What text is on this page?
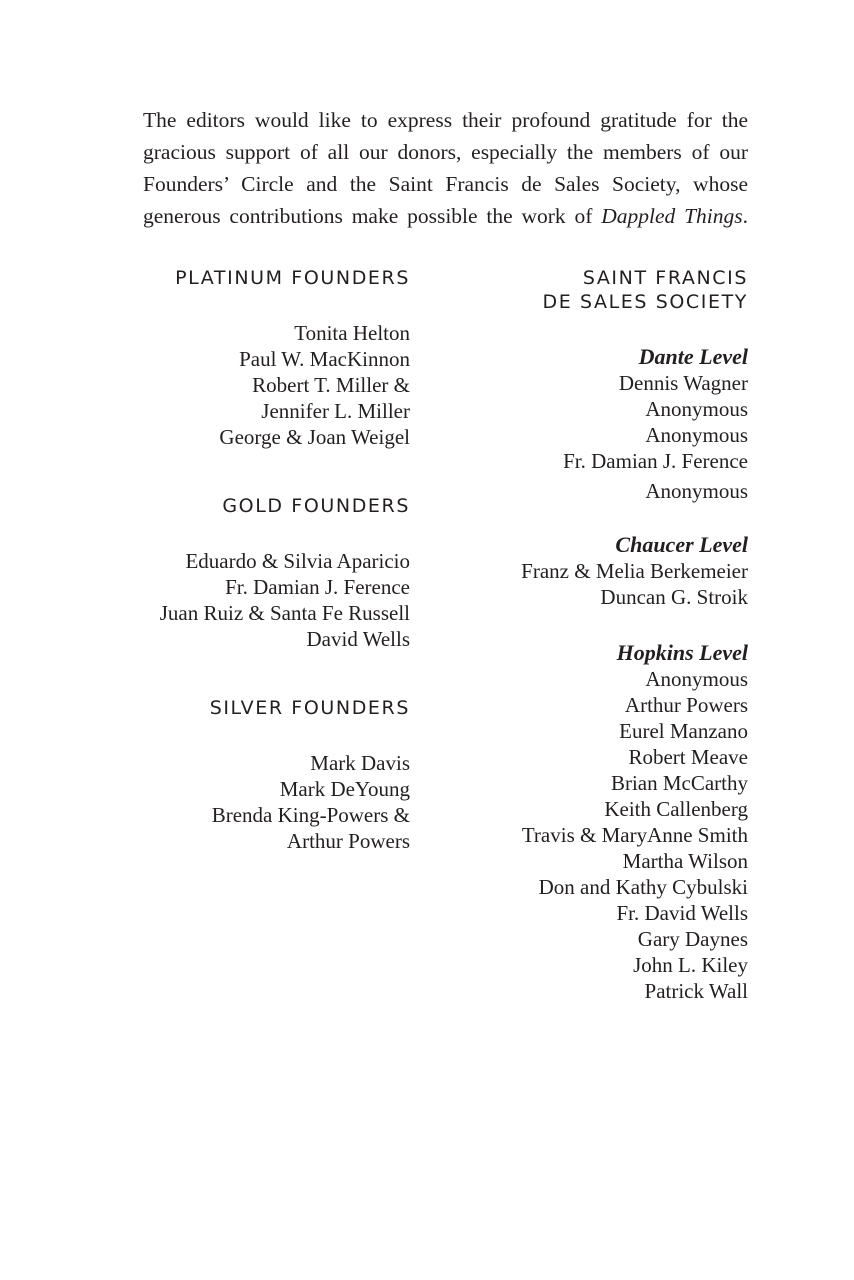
The editors would like to express their profound gratitude for the gracious support of all our donors, especially the members of our Founders’ Circle and the Saint Francis de Sales Society, whose generous contributions make possible the work of Dappled Things.

PLATINUM FOUNDERS
Tonita Helton
Paul W. MacKinnon
Robert T. Miller &
Jennifer L. Miller
George & Joan Weigel
GOLD FOUNDERS
Eduardo & Silvia Aparicio
Fr. Damian J. Ference
Juan Ruiz & Santa Fe Russell
David Wells
SILVER FOUNDERS
Mark Davis
Mark DeYoung
Brenda King-Powers &
Arthur Powers
SAINT FRANCIS
DE SALES SOCIETY
Dante Level
Dennis Wagner
Anonymous
Anonymous
Fr. Damian J. Ference
Anonymous
Chaucer Level
Franz & Melia Berkemeier
Duncan G. Stroik
Hopkins Level
Anonymous
Arthur Powers
Eurel Manzano
Robert Meave
Brian McCarthy
Keith Callenberg
Travis & MaryAnne Smith
Martha Wilson
Don and Kathy Cybulski
Fr. David Wells
Gary Daynes
John L. Kiley
Patrick Wall
